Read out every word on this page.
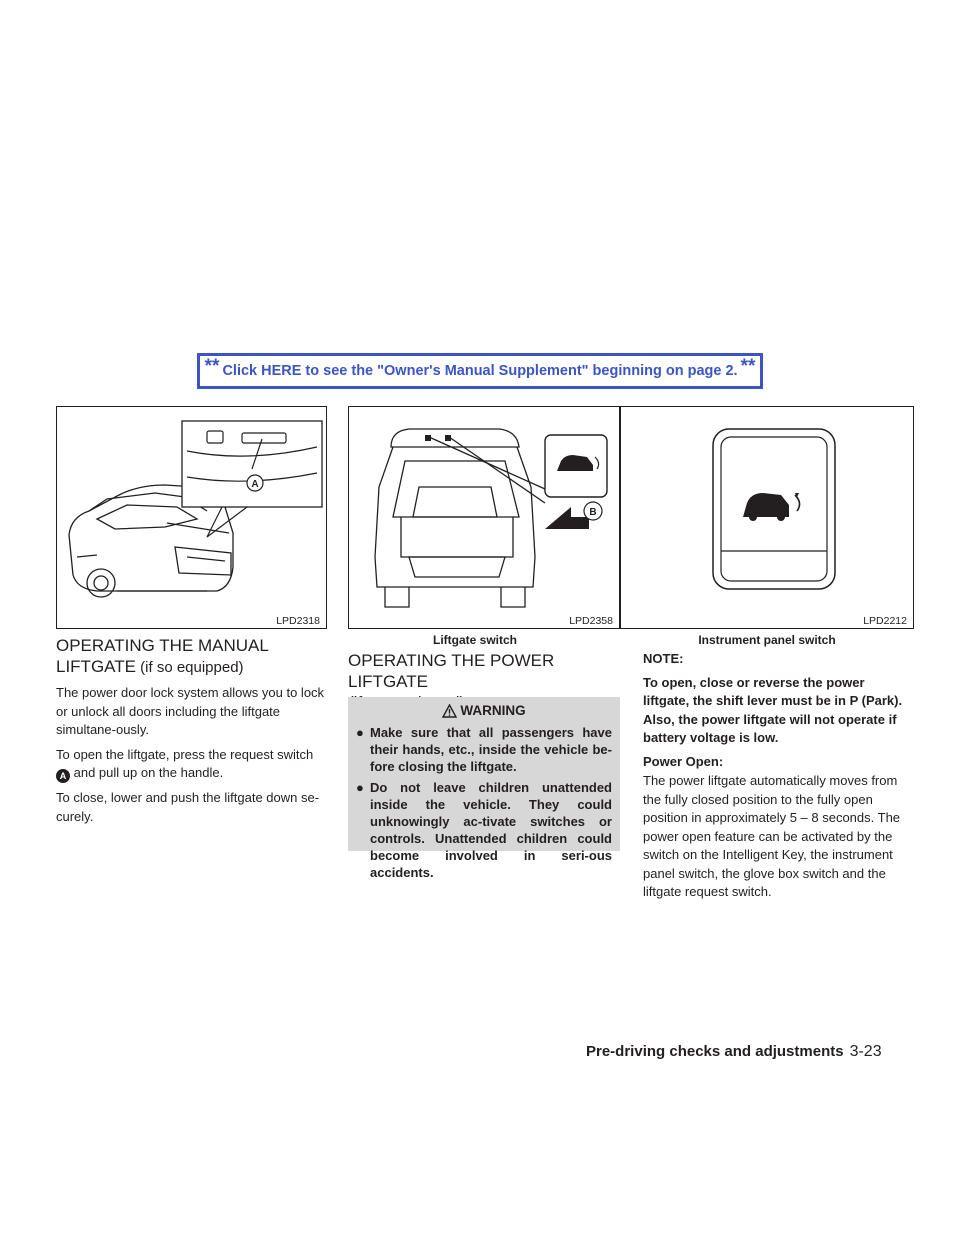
** Click HERE to see the "Owner's Manual Supplement" beginning on page 2. **
A
LPD2318
B
LPD2358	LPD2212
Liftgate switch	Instrument panel switch
OPERATING THE MANUAL
LIFTGATE (if so equipped)

The power door lock system allows you to lock or unlock all doors including the liftgate simultane-ously.

To open the liftgate, press the request switch A and pull up on the handle.

To close, lower and push the liftgate down se-curely.

OPERATING THE POWER LIFTGATE
WARNING
● Make sure that all passengers have their hands, etc., inside the vehicle be-fore closing the liftgate.
● Do not leave children unattended inside the vehicle. They could unknowingly ac-tivate switches or controls. Unattended children could become involved in seri-ous accidents.

NOTE:

To open, close or reverse the power liftgate, the shift lever must be in P (Park). Also, the power liftgate will not operate if battery voltage is low.

Power Open:

The power liftgate automatically moves from the fully closed position to the fully open position in approximately 5 – 8 seconds. The power open feature can be activated by the switch on the Intelligent Key, the instrument panel switch, the glove box switch and the liftgate request switch.

Pre-driving checks and adjustments 3-23
